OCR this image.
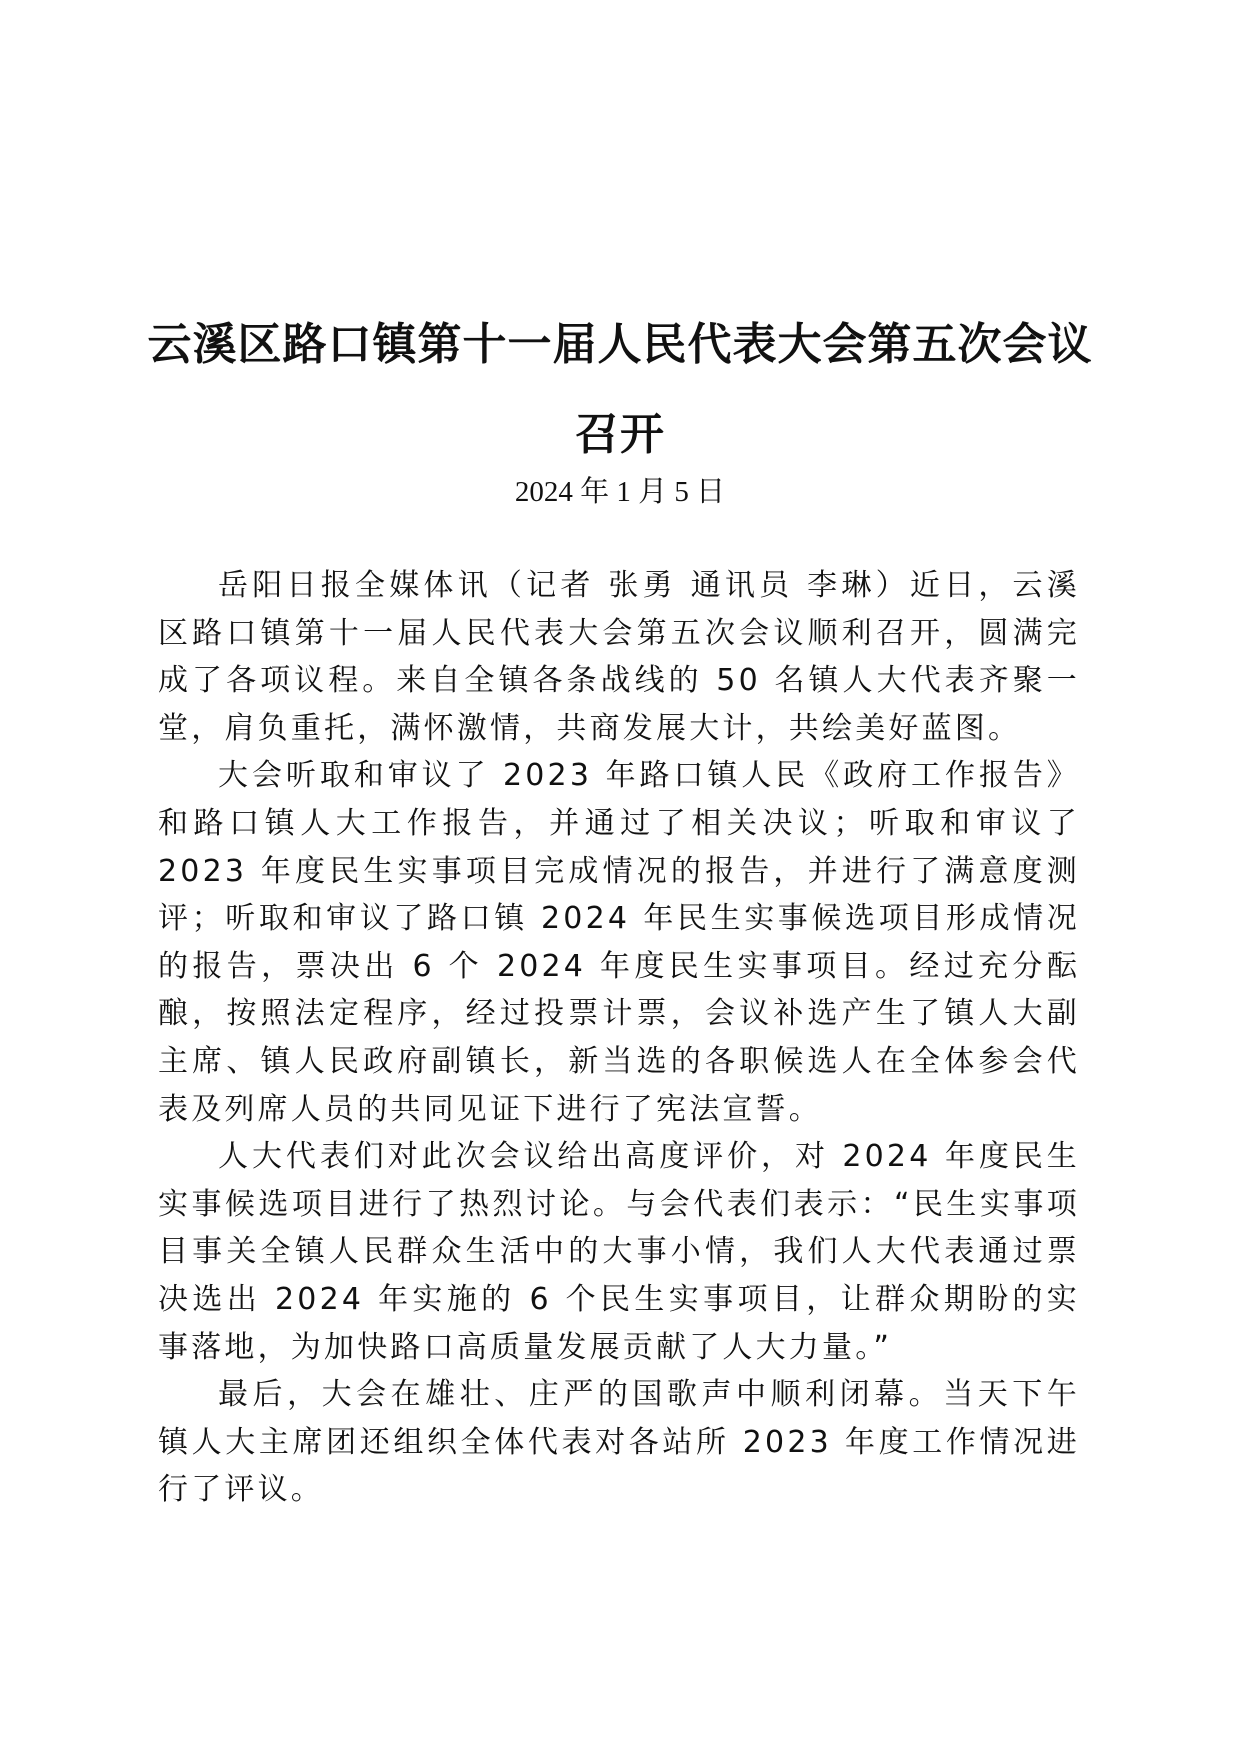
云溪区路口镇第十一届人民代表大会第五次会议召开
2024 年 1 月 5 日

岳阳日报全媒体讯（记者 张勇 通讯员 李琳）近日，云溪区路口镇第十一届人民代表大会第五次会议顺利召开，圆满完成了各项议程。来自全镇各条战线的 50 名镇人大代表齐聚一堂，肩负重托，满怀激情，共商发展大计，共绘美好蓝图。

大会听取和审议了 2023 年路口镇人民《政府工作报告》和路口镇人大工作报告，并通过了相关决议；听取和审议了 2023 年度民生实事项目完成情况的报告，并进行了满意度测评；听取和审议了路口镇 2024 年民生实事候选项目形成情况的报告，票决出 6 个 2024 年度民生实事项目。经过充分酝酿，按照法定程序，经过投票计票，会议补选产生了镇人大副主席、镇人民政府副镇长，新当选的各职候选人在全体参会代表及列席人员的共同见证下进行了宪法宣誓。

人大代表们对此次会议给出高度评价，对 2024 年度民生实事候选项目进行了热烈讨论。与会代表们表示：“民生实事项目事关全镇人民群众生活中的大事小情，我们人大代表通过票决选出 2024 年实施的 6 个民生实事项目，让群众期盼的实事落地，为加快路口高质量发展贡献了人大力量。”

最后，大会在雄壮、庄严的国歌声中顺利闭幕。当天下午镇人大主席团还组织全体代表对各站所 2023 年度工作情况进行了评议。
